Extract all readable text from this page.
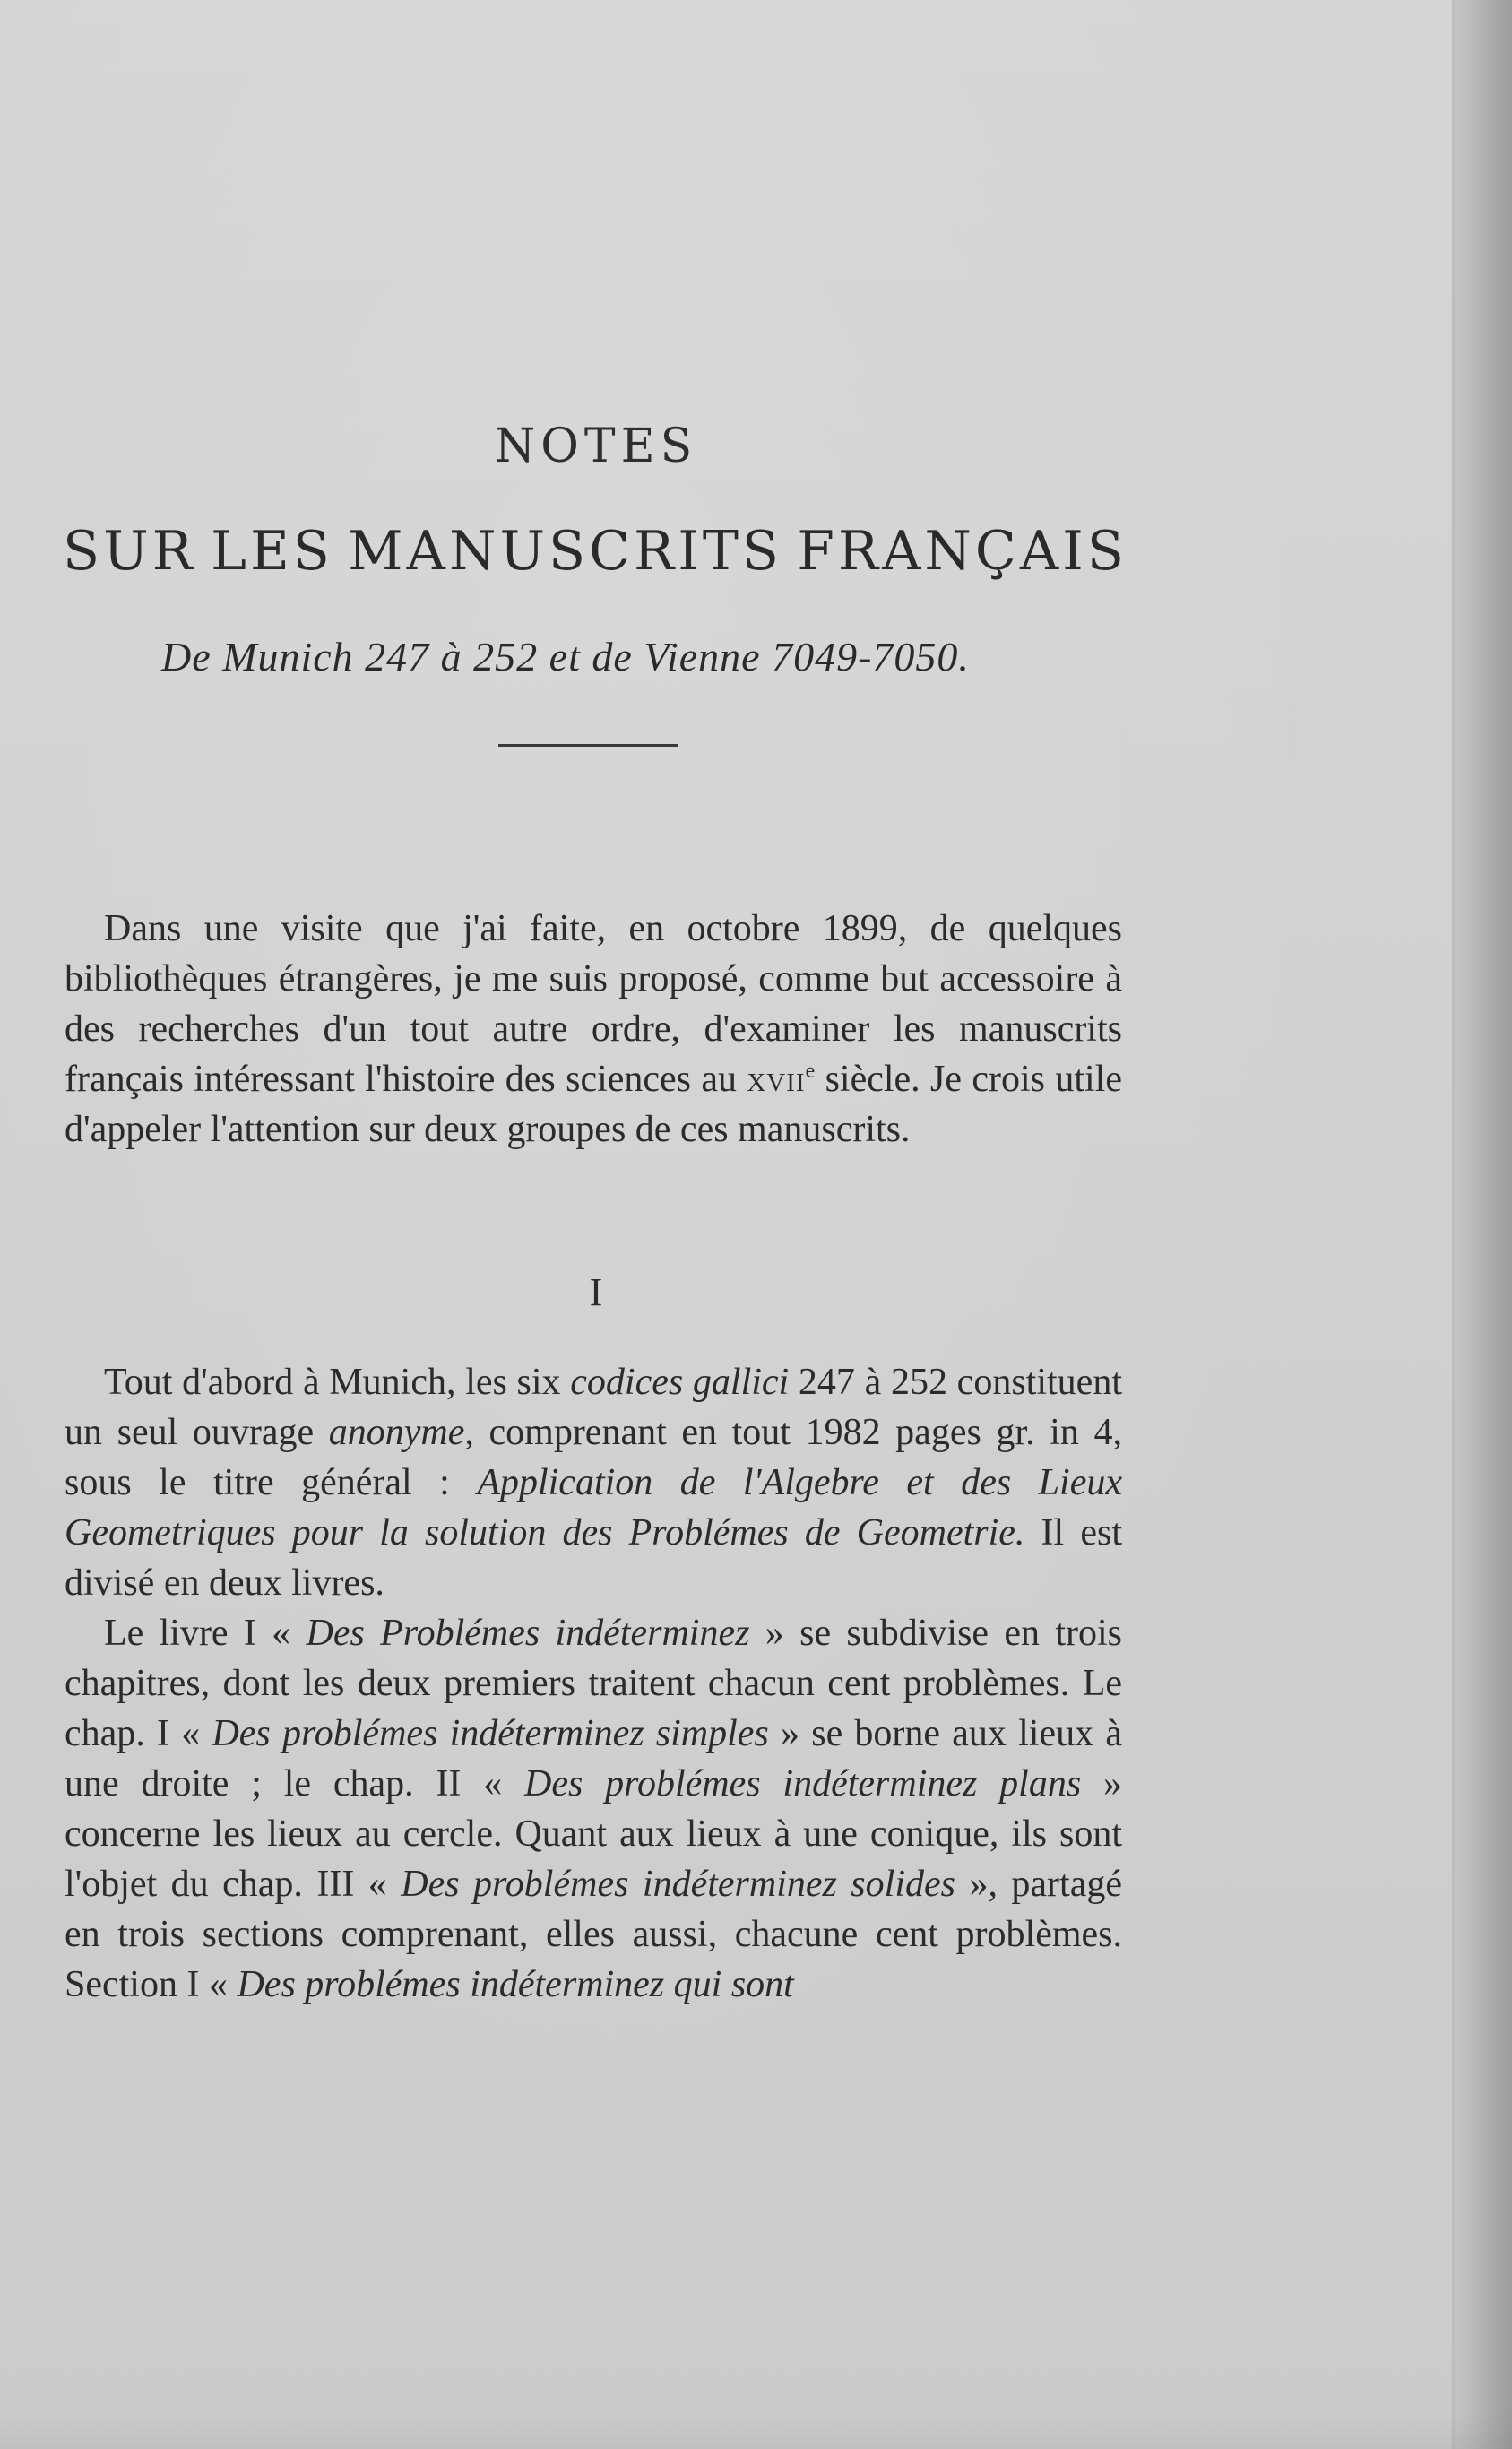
NOTES
SUR LES MANUSCRITS FRANÇAIS
De Munich 247 à 252 et de Vienne 7049-7050.

Dans une visite que j'ai faite, en octobre 1899, de quelques bibliothèques étrangères, je me suis proposé, comme but accessoire à des recherches d'un tout autre ordre, d'examiner les manuscrits français intéressant l'histoire des sciences au xvii$^e$ siècle. Je crois utile d'appeler l'attention sur deux groupes de ces manuscrits.

I

Tout d'abord à Munich, les six codices gallici 247 à 252 constituent un seul ouvrage anonyme, comprenant en tout 1982 pages gr. in 4, sous le titre général : Application de l'Algebre et des Lieux Geometriques pour la solution des Problémes de Geometrie. Il est divisé en deux livres.

Le livre I « Des Problémes indéterminez » se subdivise en trois chapitres, dont les deux premiers traitent chacun cent problèmes. Le chap. I « Des problémes indéterminez simples » se borne aux lieux à une droite ; le chap. II « Des problémes indéterminez plans » concerne les lieux au cercle. Quant aux lieux à une conique, ils sont l'objet du chap. III « Des problémes indéterminez solides », partagé en trois sections comprenant, elles aussi, chacune cent problèmes. Section I « Des problémes indéterminez qui sont
